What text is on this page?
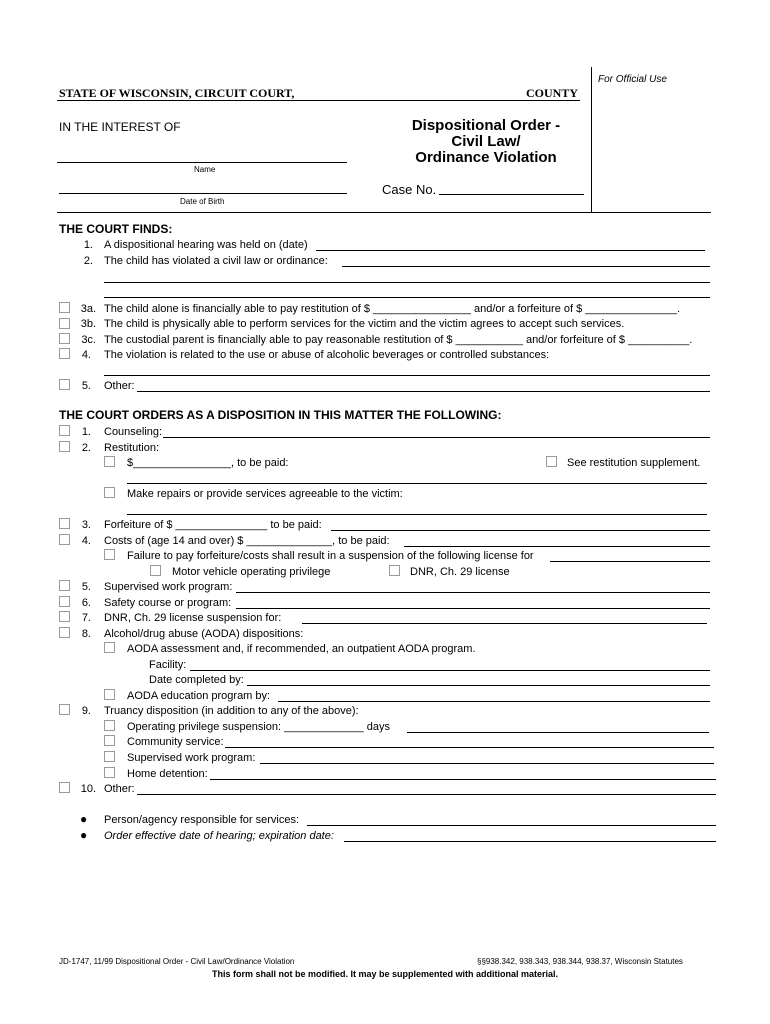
For Official Use
STATE OF WISCONSIN, CIRCUIT COURT,	COUNTY
IN THE INTEREST OF	Dispositional Order -
Civil Law/
Ordinance Violation
Name
Date of Birth
Case No.
THE COURT FINDS:
1. A dispositional hearing was held on (date)
2. The child has violated a civil law or ordinance:
3a. The child alone is financially able to pay restitution of $ ________________ and/or a forfeiture of $ _______________.
3b. The child is physically able to perform services for the victim and the victim agrees to accept such services.
3c. The custodial parent is financially able to pay reasonable restitution of $ ___________ and/or forfeiture of $ __________.
4. The violation is related to the use or abuse of alcoholic beverages or controlled substances:
5. Other:
THE COURT ORDERS AS A DISPOSITION IN THIS MATTER THE FOLLOWING:
1. Counseling:
2. Restitution:
$________________, to be paid:	See restitution supplement.
Make repairs or provide services agreeable to the victim:
3. Forfeiture of $ _______________ to be paid:
4. Costs of (age 14 and over) $ ______________, to be paid:
Failure to pay forfeiture/costs shall result in a suspension of the following license for
Motor vehicle operating privilege	DNR, Ch. 29 license
5. Supervised work program:
6. Safety course or program:
7. DNR, Ch. 29 license suspension for:
8. Alcohol/drug abuse (AODA) dispositions:
AODA assessment and, if recommended, an outpatient AODA program.
Facility:
Date completed by:
AODA education program by:
9. Truancy disposition (in addition to any of the above):
Operating privilege suspension: _____________ days
Community service:
Supervised work program:
Home detention:
10. Other:
● Person/agency responsible for services:
● Order effective date of hearing; expiration date:
JD-1747, 11/99 Dispositional Order - Civil Law/Ordinance Violation	§§938.342, 938.343, 938.344, 938.37, Wisconsin Statutes
This form shall not be modified. It may be supplemented with additional material.
